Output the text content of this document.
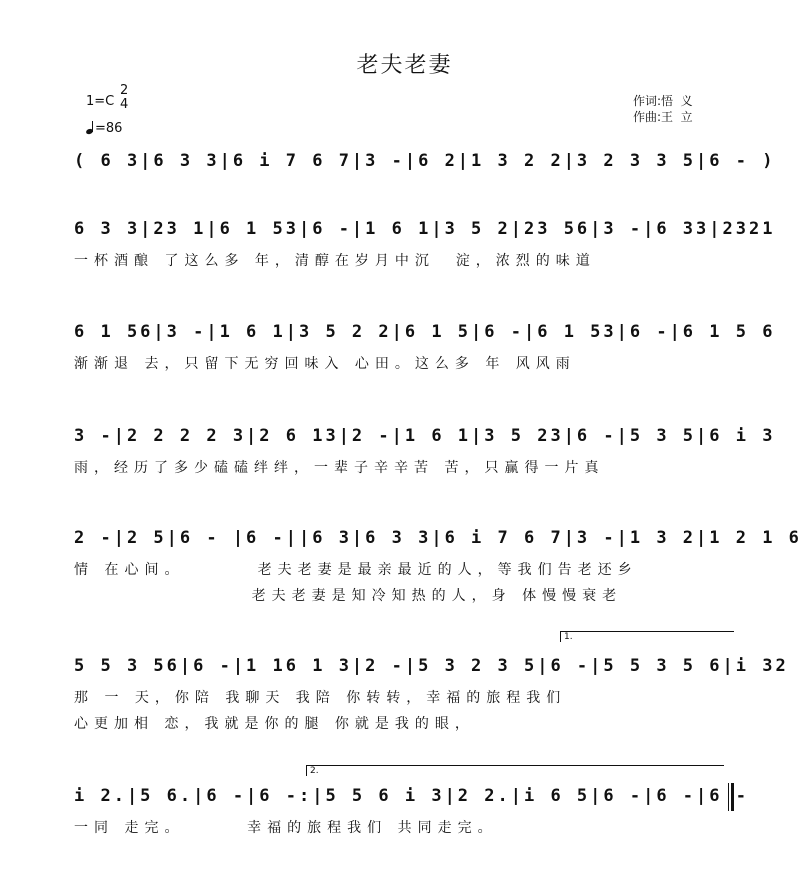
老夫老妻
1=C
2
4
=86
作词:悟  义
作曲:王  立
( 6 3|6 3 3|6 i 7 6 7|3 -|6 2|1 3 2 2|3 2 3 3 5|6 - )
6 3 3|23 1|6 1 53|6 -|1 6 1|3 5 2|23 56|3 -|6 33|2321
一杯酒酿 了这么多 年，清醇在岁月中沉  淀，浓烈的味道
6 1 56|3 -|1 6 1|3 5 2 2|6 1 5|6 -|6 1 53|6 -|6 1 5 6
渐渐退 去，只留下无穷回味入 心田。这么多 年 风风雨
3 -|2 2 2 2 3|2 6 13|2 -|1 6 1|3 5 23|6 -|5 3 5|6 i 3
雨，经历了多少磕磕绊绊，一辈子辛辛苦 苦，只赢得一片真
2 -|2 5|6 - |6 -||6 3|6 3 3|6 i 7 6 7|3 -|1 3 2|1 2 1 6
情 在心间。       老夫老妻是最亲最近的人，等我们告老还乡
老夫老妻是知冷知热的人，身 体慢慢衰老
1.
5 5 3 56|6 -|1 16 1 3|2 -|5 3 2 3 5|6 -|5 5 3 5 6|i 32
那 一 天，你陪 我聊天 我陪 你转转，幸福的旅程我们
心更加相 恋，我就是你的腿 你就是我的眼，
2.
i 2.|5 6.|6 -|6 -:|5 5 6 i 3|2 2.|i 6 5|6 -|6 -|6 -
一同 走完。      幸福的旅程我们 共同走完。
